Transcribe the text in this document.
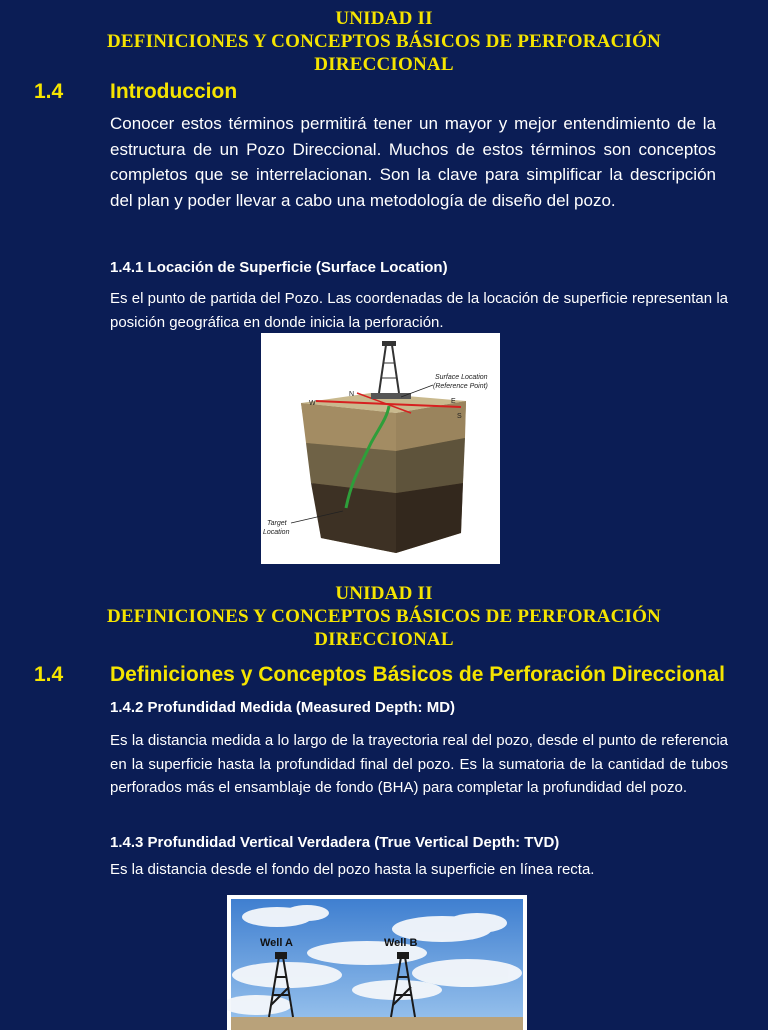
UNIDAD II
DEFINICIONES Y CONCEPTOS BÁSICOS DE PERFORACIÓN
DIRECCIONAL
1.4 Introduccion
Conocer estos términos permitirá tener un mayor y mejor entendimiento de la estructura de un Pozo Direccional. Muchos de estos términos son conceptos completos que se interrelacionan. Son la clave para simplificar la descripción del plan y poder llevar a cabo una metodología de diseño del pozo.
1.4.1 Locación de Superficie (Surface Location)
Es el punto de partida del Pozo. Las coordenadas de la locación de superficie representan la posición geográfica en donde inicia la perforación.
Surface Location
(Reference Point)
N
W	E
S
Target
Location
UNIDAD II
DEFINICIONES Y CONCEPTOS BÁSICOS DE PERFORACIÓN
DIRECCIONAL
1.4 Definiciones y Conceptos Básicos de Perforación Direccional
1.4.2 Profundidad Medida (Measured Depth: MD)
Es la distancia medida a lo largo de la trayectoria real del pozo, desde el punto de referencia en la superficie hasta la profundidad final del pozo. Es la sumatoria de la cantidad de tubos perforados más el ensamblaje de fondo (BHA) para completar la profundidad del pozo.
1.4.3 Profundidad Vertical Verdadera (True Vertical Depth: TVD)
Es la distancia desde el fondo del pozo hasta la superficie en línea recta.
Well A	Well B
